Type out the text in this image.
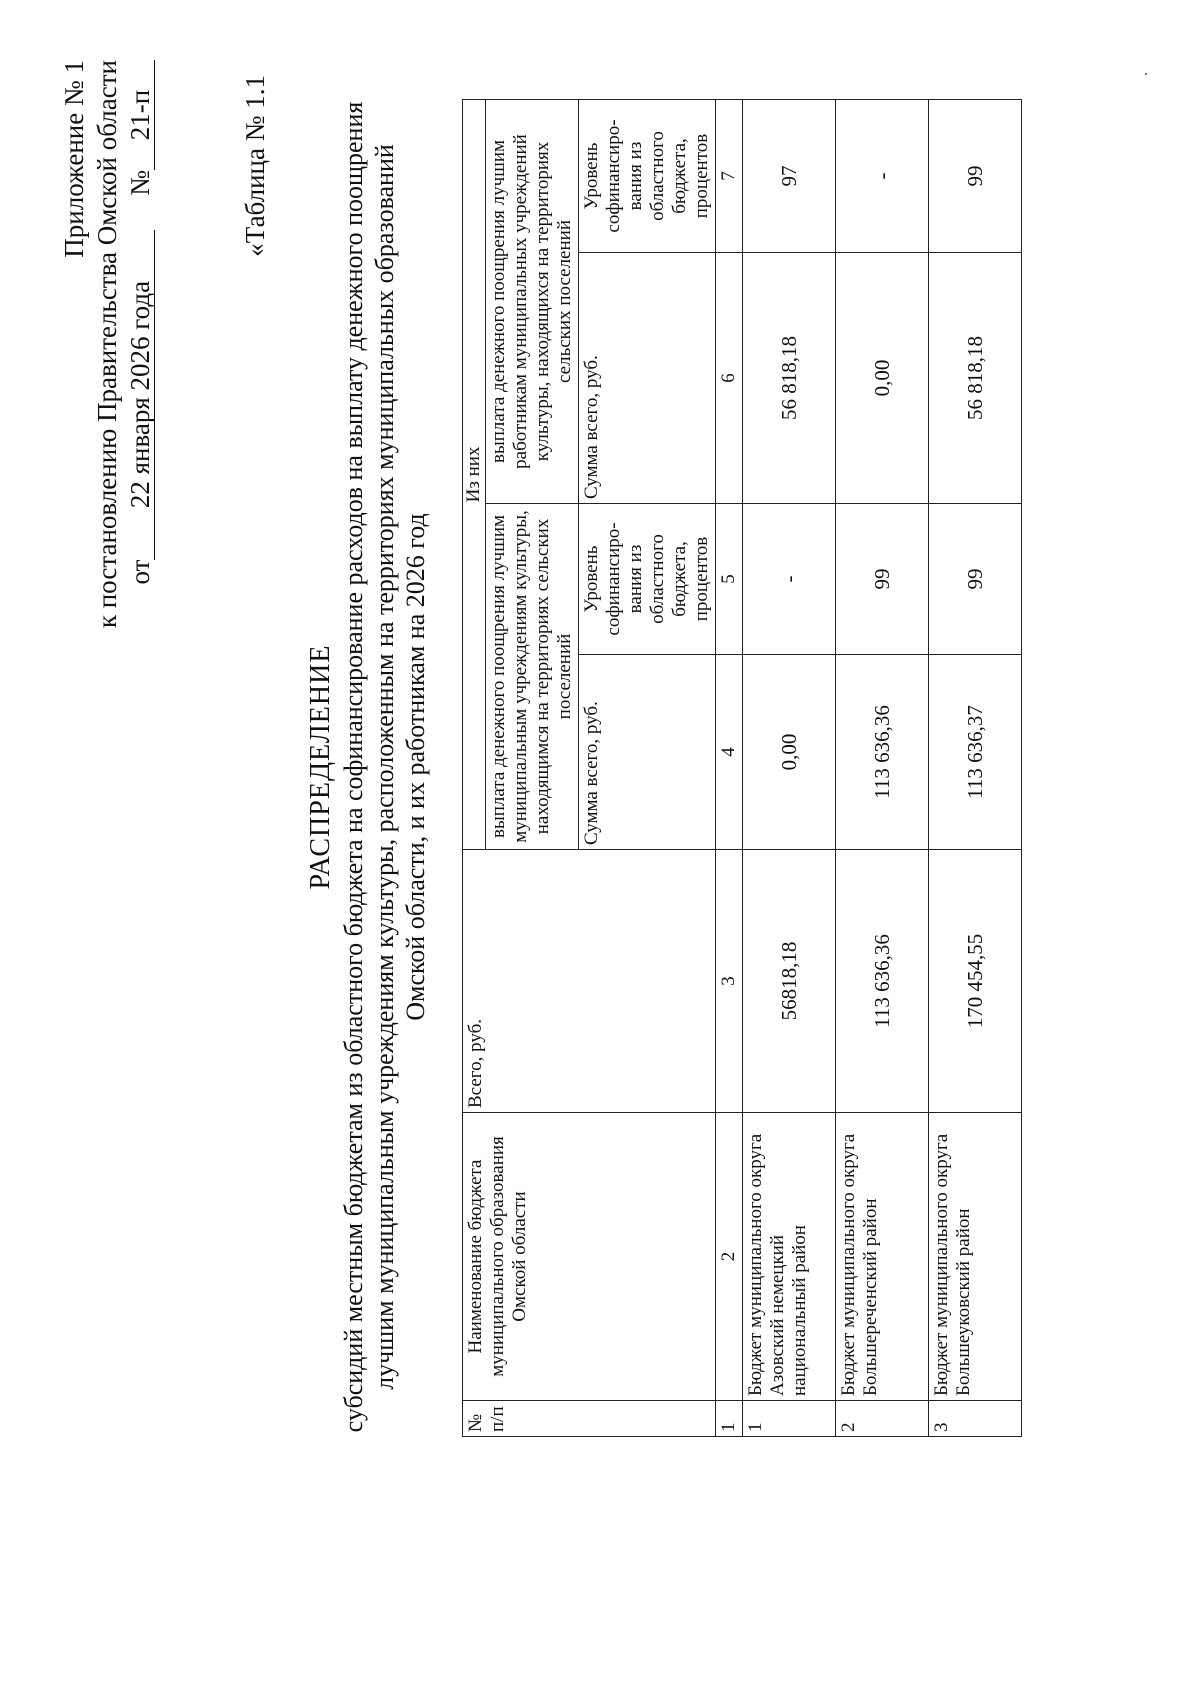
Приложение № 1 к постановлению Правительства Омской области от22 января 2026 года     №21-п	«Таблица № 1.1
РАСПРЕДЕЛЕНИЕ субсидий местным бюджетам из областного бюджета на софинансирование расходов на выплату денежного поощрения лучшим муниципальным учреждениям культуры, расположенным на территориях муниципальных образований Омской области, и их работникам на 2026 год
№ п/п	Наименование бюджета муниципального образования Омской области	Всего, руб.	Из них			
			выплата денежного поощрения лучшим муниципальным учреждениям культуры, находящимся на территориях сельских поселений		выплата денежного поощрения лучшим работникам муниципальных учреждений культуры, находящихся на территориях сельских поселений	
			Сумма всего, руб.	Уровень софинансиро-вания из областного бюджета, процентов	Сумма всего, руб.	Уровень софинансиро-вания из областного бюджета, процентов
1	2	3	4	5	6	7
1	Бюджет муниципального округа Азовский немецкий национальный район	56818,18	0,00	-	56 818,18	97
2	Бюджет муниципального округа Большереченский район	113 636,36	113 636,36	99	0,00	-
3	Бюджет муниципального округа Большеуковский район	170 454,55	113 636,37	99	56 818,18	99
